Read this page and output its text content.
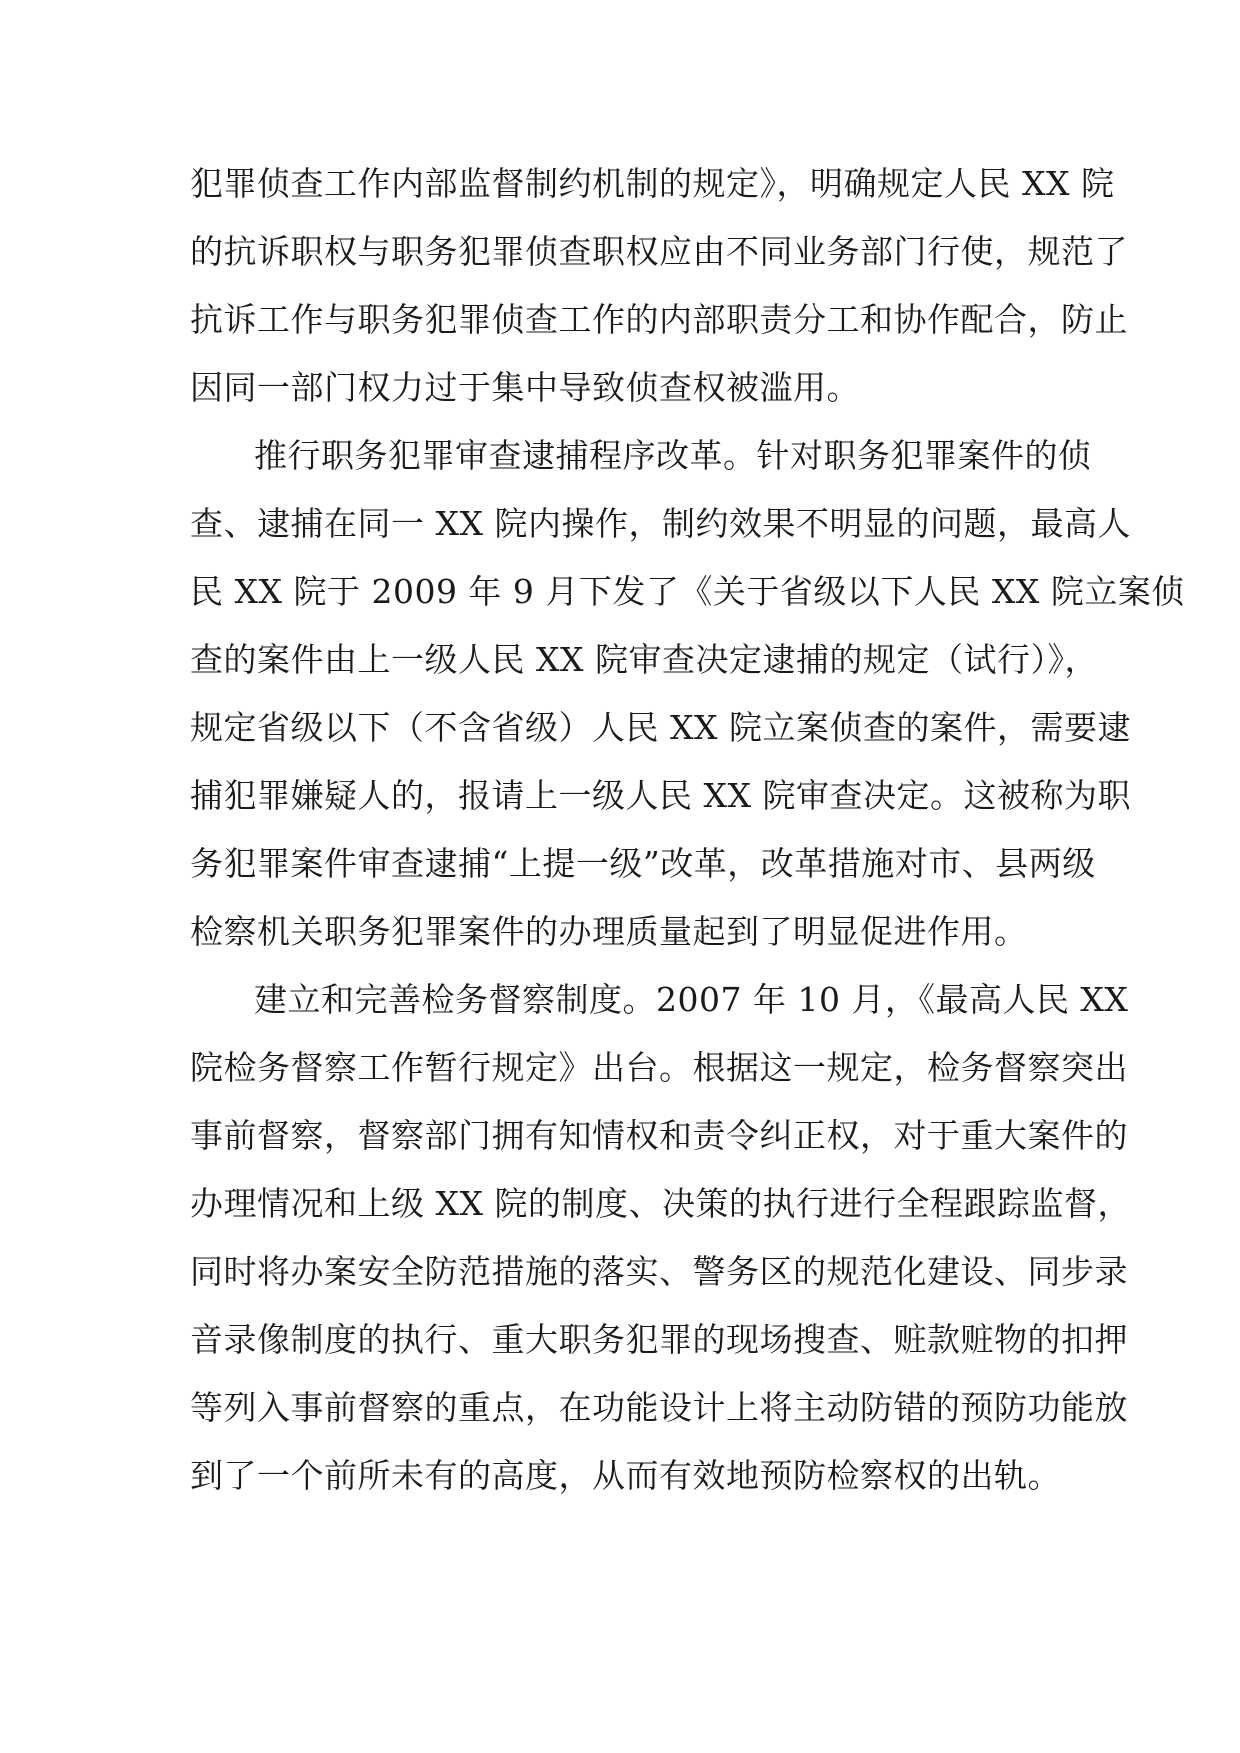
犯罪侦查工作内部监督制约机制的规定》，明确规定人民 XX 院
的抗诉职权与职务犯罪侦查职权应由不同业务部门行使，规范了
抗诉工作与职务犯罪侦查工作的内部职责分工和协作配合，防止
因同一部门权力过于集中导致侦查权被滥用。
推行职务犯罪审查逮捕程序改革。针对职务犯罪案件的侦
查、逮捕在同一 XX 院内操作，制约效果不明显的问题，最高人
民 XX 院于 2009 年 9 月下发了《关于省级以下人民 XX 院立案侦
查的案件由上一级人民 XX 院审查决定逮捕的规定（试行）》，
规定省级以下（不含省级）人民 XX 院立案侦查的案件，需要逮
捕犯罪嫌疑人的，报请上一级人民 XX 院审查决定。这被称为职
务犯罪案件审查逮捕“上提一级”改革，改革措施对市、县两级
检察机关职务犯罪案件的办理质量起到了明显促进作用。
建立和完善检务督察制度。2007 年 10 月，《最高人民 XX
院检务督察工作暂行规定》出台。根据这一规定，检务督察突出
事前督察，督察部门拥有知情权和责令纠正权，对于重大案件的
办理情况和上级 XX 院的制度、决策的执行进行全程跟踪监督，
同时将办案安全防范措施的落实、警务区的规范化建设、同步录
音录像制度的执行、重大职务犯罪的现场搜查、赃款赃物的扣押
等列入事前督察的重点，在功能设计上将主动防错的预防功能放
到了一个前所未有的高度，从而有效地预防检察权的出轨。
